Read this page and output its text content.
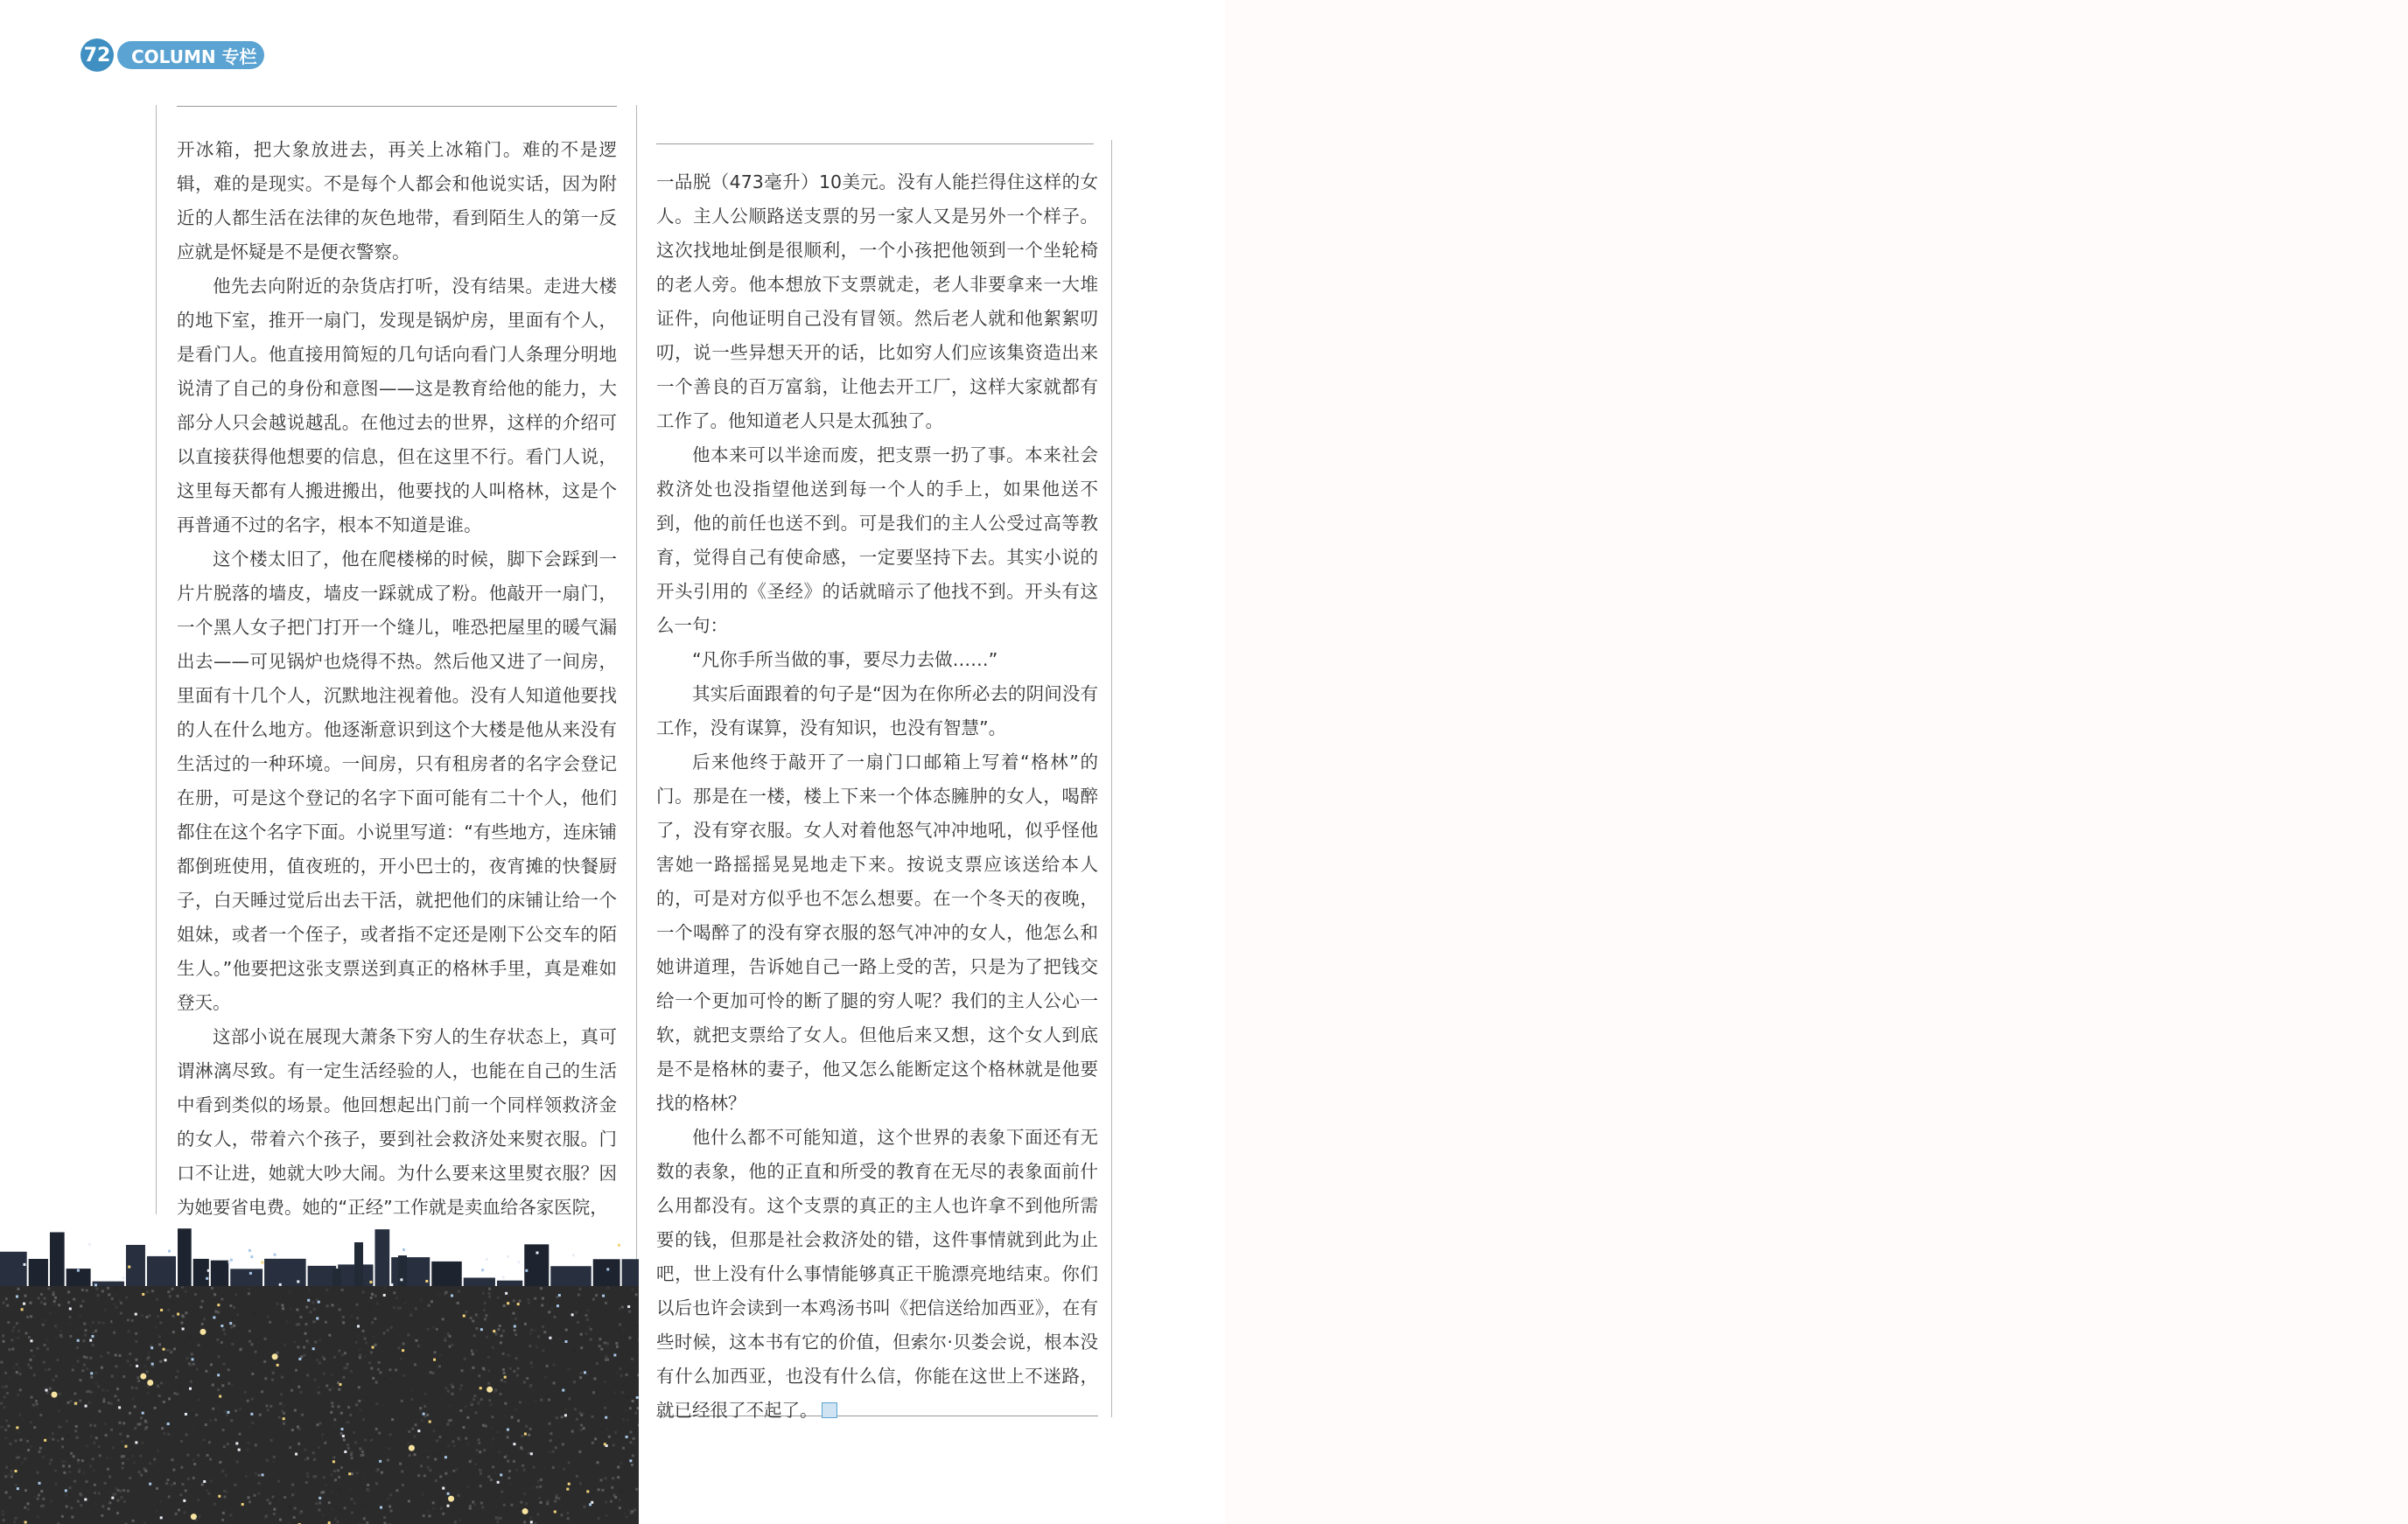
72	COLUMN 专栏

开冰箱，把大象放进去，再关上冰箱门。难的不是逻辑，难的是现实。不是每个人都会和他说实话，因为附近的人都生活在法律的灰色地带，看到陌生人的第一反应就是怀疑是不是便衣警察。

他先去向附近的杂货店打听，没有结果。走进大楼的地下室，推开一扇门，发现是锅炉房，里面有个人，是看门人。他直接用简短的几句话向看门人条理分明地说清了自己的身份和意图——这是教育给他的能力，大部分人只会越说越乱。在他过去的世界，这样的介绍可以直接获得他想要的信息，但在这里不行。看门人说，这里每天都有人搬进搬出，他要找的人叫格林，这是个再普通不过的名字，根本不知道是谁。

这个楼太旧了，他在爬楼梯的时候，脚下会踩到一片片脱落的墙皮，墙皮一踩就成了粉。他敲开一扇门，一个黑人女子把门打开一个缝儿，唯恐把屋里的暖气漏出去——可见锅炉也烧得不热。然后他又进了一间房，里面有十几个人，沉默地注视着他。没有人知道他要找的人在什么地方。他逐渐意识到这个大楼是他从来没有生活过的一种环境。一间房，只有租房者的名字会登记在册，可是这个登记的名字下面可能有二十个人，他们都住在这个名字下面。小说里写道：“有些地方，连床铺都倒班使用，值夜班的，开小巴士的，夜宵摊的快餐厨子，白天睡过觉后出去干活，就把他们的床铺让给一个姐妹，或者一个侄子，或者指不定还是刚下公交车的陌生人。”他要把这张支票送到真正的格林手里，真是难如登天。

这部小说在展现大萧条下穷人的生存状态上，真可谓淋漓尽致。有一定生活经验的人，也能在自己的生活中看到类似的场景。他回想起出门前一个同样领救济金的女人，带着六个孩子，要到社会救济处来熨衣服。门口不让进，她就大吵大闹。为什么要来这里熨衣服？因为她要省电费。她的“正经”工作就是卖血给各家医院，

一品脱（473毫升）10美元。没有人能拦得住这样的女人。主人公顺路送支票的另一家人又是另外一个样子。这次找地址倒是很顺利，一个小孩把他领到一个坐轮椅的老人旁。他本想放下支票就走，老人非要拿来一大堆证件，向他证明自己没有冒领。然后老人就和他絮絮叨叨，说一些异想天开的话，比如穷人们应该集资造出来一个善良的百万富翁，让他去开工厂，这样大家就都有工作了。他知道老人只是太孤独了。

他本来可以半途而废，把支票一扔了事。本来社会救济处也没指望他送到每一个人的手上，如果他送不到，他的前任也送不到。可是我们的主人公受过高等教育，觉得自己有使命感，一定要坚持下去。其实小说的开头引用的《圣经》的话就暗示了他找不到。开头有这么一句：

“凡你手所当做的事，要尽力去做……”

其实后面跟着的句子是“因为在你所必去的阴间没有工作，没有谋算，没有知识，也没有智慧”。

后来他终于敲开了一扇门口邮箱上写着“格林”的门。那是在一楼，楼上下来一个体态臃肿的女人，喝醉了，没有穿衣服。女人对着他怒气冲冲地吼，似乎怪他害她一路摇摇晃晃地走下来。按说支票应该送给本人的，可是对方似乎也不怎么想要。在一个冬天的夜晚，一个喝醉了的没有穿衣服的怒气冲冲的女人，他怎么和她讲道理，告诉她自己一路上受的苦，只是为了把钱交给一个更加可怜的断了腿的穷人呢？我们的主人公心一软，就把支票给了女人。但他后来又想，这个女人到底是不是格林的妻子，他又怎么能断定这个格林就是他要找的格林？

他什么都不可能知道，这个世界的表象下面还有无数的表象，他的正直和所受的教育在无尽的表象面前什么用都没有。这个支票的真正的主人也许拿不到他所需要的钱，但那是社会救济处的错，这件事情就到此为止吧，世上没有什么事情能够真正干脆漂亮地结束。你们以后也许会读到一本鸡汤书叫《把信送给加西亚》，在有些时候，这本书有它的价值，但索尔·贝娄会说，根本没有什么加西亚，也没有什么信，你能在这世上不迷路，就已经很了不起了。
